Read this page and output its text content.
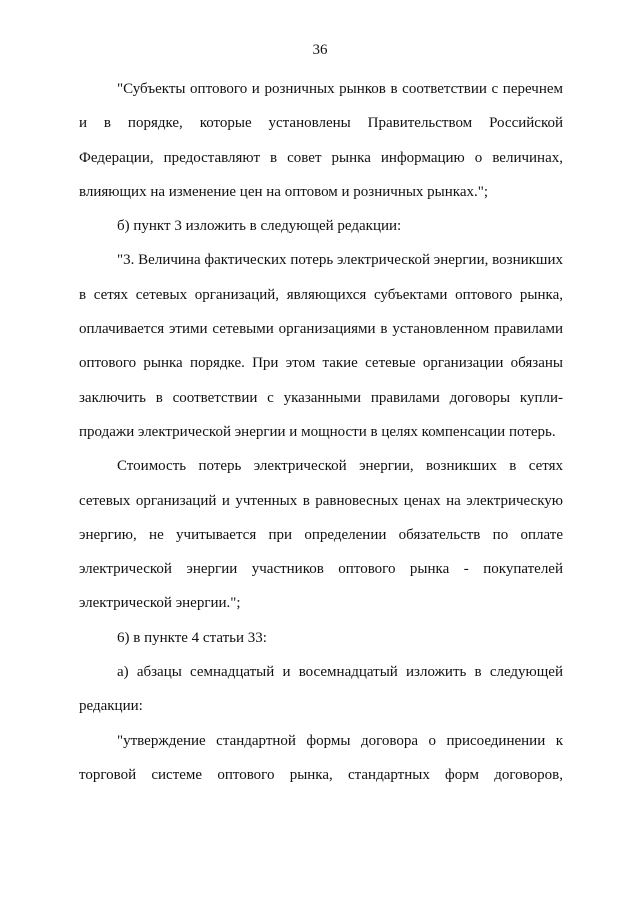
36
"Субъекты оптового и розничных рынков в соответствии с перечнем
и в порядке, которые установлены Правительством Российской
Федерации, предоставляют в совет рынка информацию о величинах,
влияющих на изменение цен на оптовом и розничных рынках.";
б) пункт 3 изложить в следующей редакции:
"3. Величина фактических потерь электрической энергии, возникших
в сетях сетевых организаций, являющихся субъектами оптового рынка,
оплачивается этими сетевыми организациями в установленном правилами
оптового рынка порядке. При этом такие сетевые организации обязаны
заключить в соответствии с указанными правилами договоры купли-
продажи электрической энергии и мощности в целях компенсации потерь.
Стоимость потерь электрической энергии, возникших в сетях
сетевых организаций и учтенных в равновесных ценах на электрическую
энергию, не учитывается при определении обязательств по оплате
электрической энергии участников оптового рынка - покупателей
электрической энергии.";
6) в пункте 4 статьи 33:
а) абзацы семнадцатый и восемнадцатый изложить в следующей
редакции:
"утверждение стандартной формы договора о присоединении к
торговой системе оптового рынка, стандартных форм договоров,
